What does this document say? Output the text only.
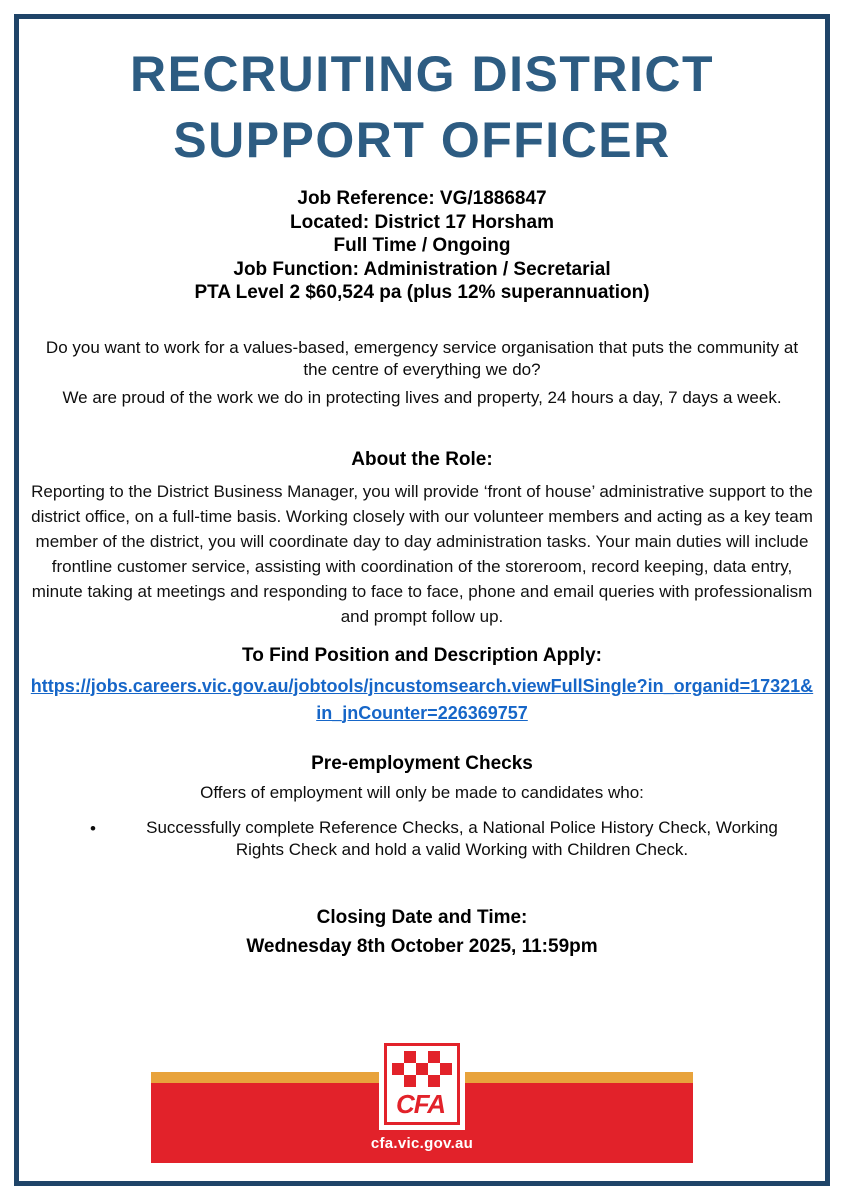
RECRUITING DISTRICT
SUPPORT OFFICER
Job Reference: VG/1886847
Located: District 17 Horsham
Full Time / Ongoing
Job Function: Administration / Secretarial
PTA Level 2 $60,524 pa (plus 12% superannuation)

Do you want to work for a values-based, emergency service organisation that puts the community at the centre of everything we do?

We are proud of the work we do in protecting lives and property, 24 hours a day, 7 days a week.

About the Role:

Reporting to the District Business Manager, you will provide ‘front of house’ administrative support to the district office, on a full-time basis. Working closely with our volunteer members and acting as a key team member of the district, you will coordinate day to day administration tasks. Your main duties will include frontline customer service, assisting with coordination of the storeroom, record keeping, data entry, minute taking at meetings and responding to face to face, phone and email queries with professionalism and prompt follow up.

To Find Position and Description Apply:
https://jobs.careers.vic.gov.au/jobtools/jncustomsearch.viewFullSingle?in_organid=17321&in_jnCounter=226369757
Pre-employment Checks

Offers of employment will only be made to candidates who:

•	Successfully complete Reference Checks, a National Police History Check, Working Rights Check and hold a valid Working with Children Check.
Closing Date and Time:
Wednesday 8th October 2025, 11:59pm
cfa.vic.gov.au
CFA
